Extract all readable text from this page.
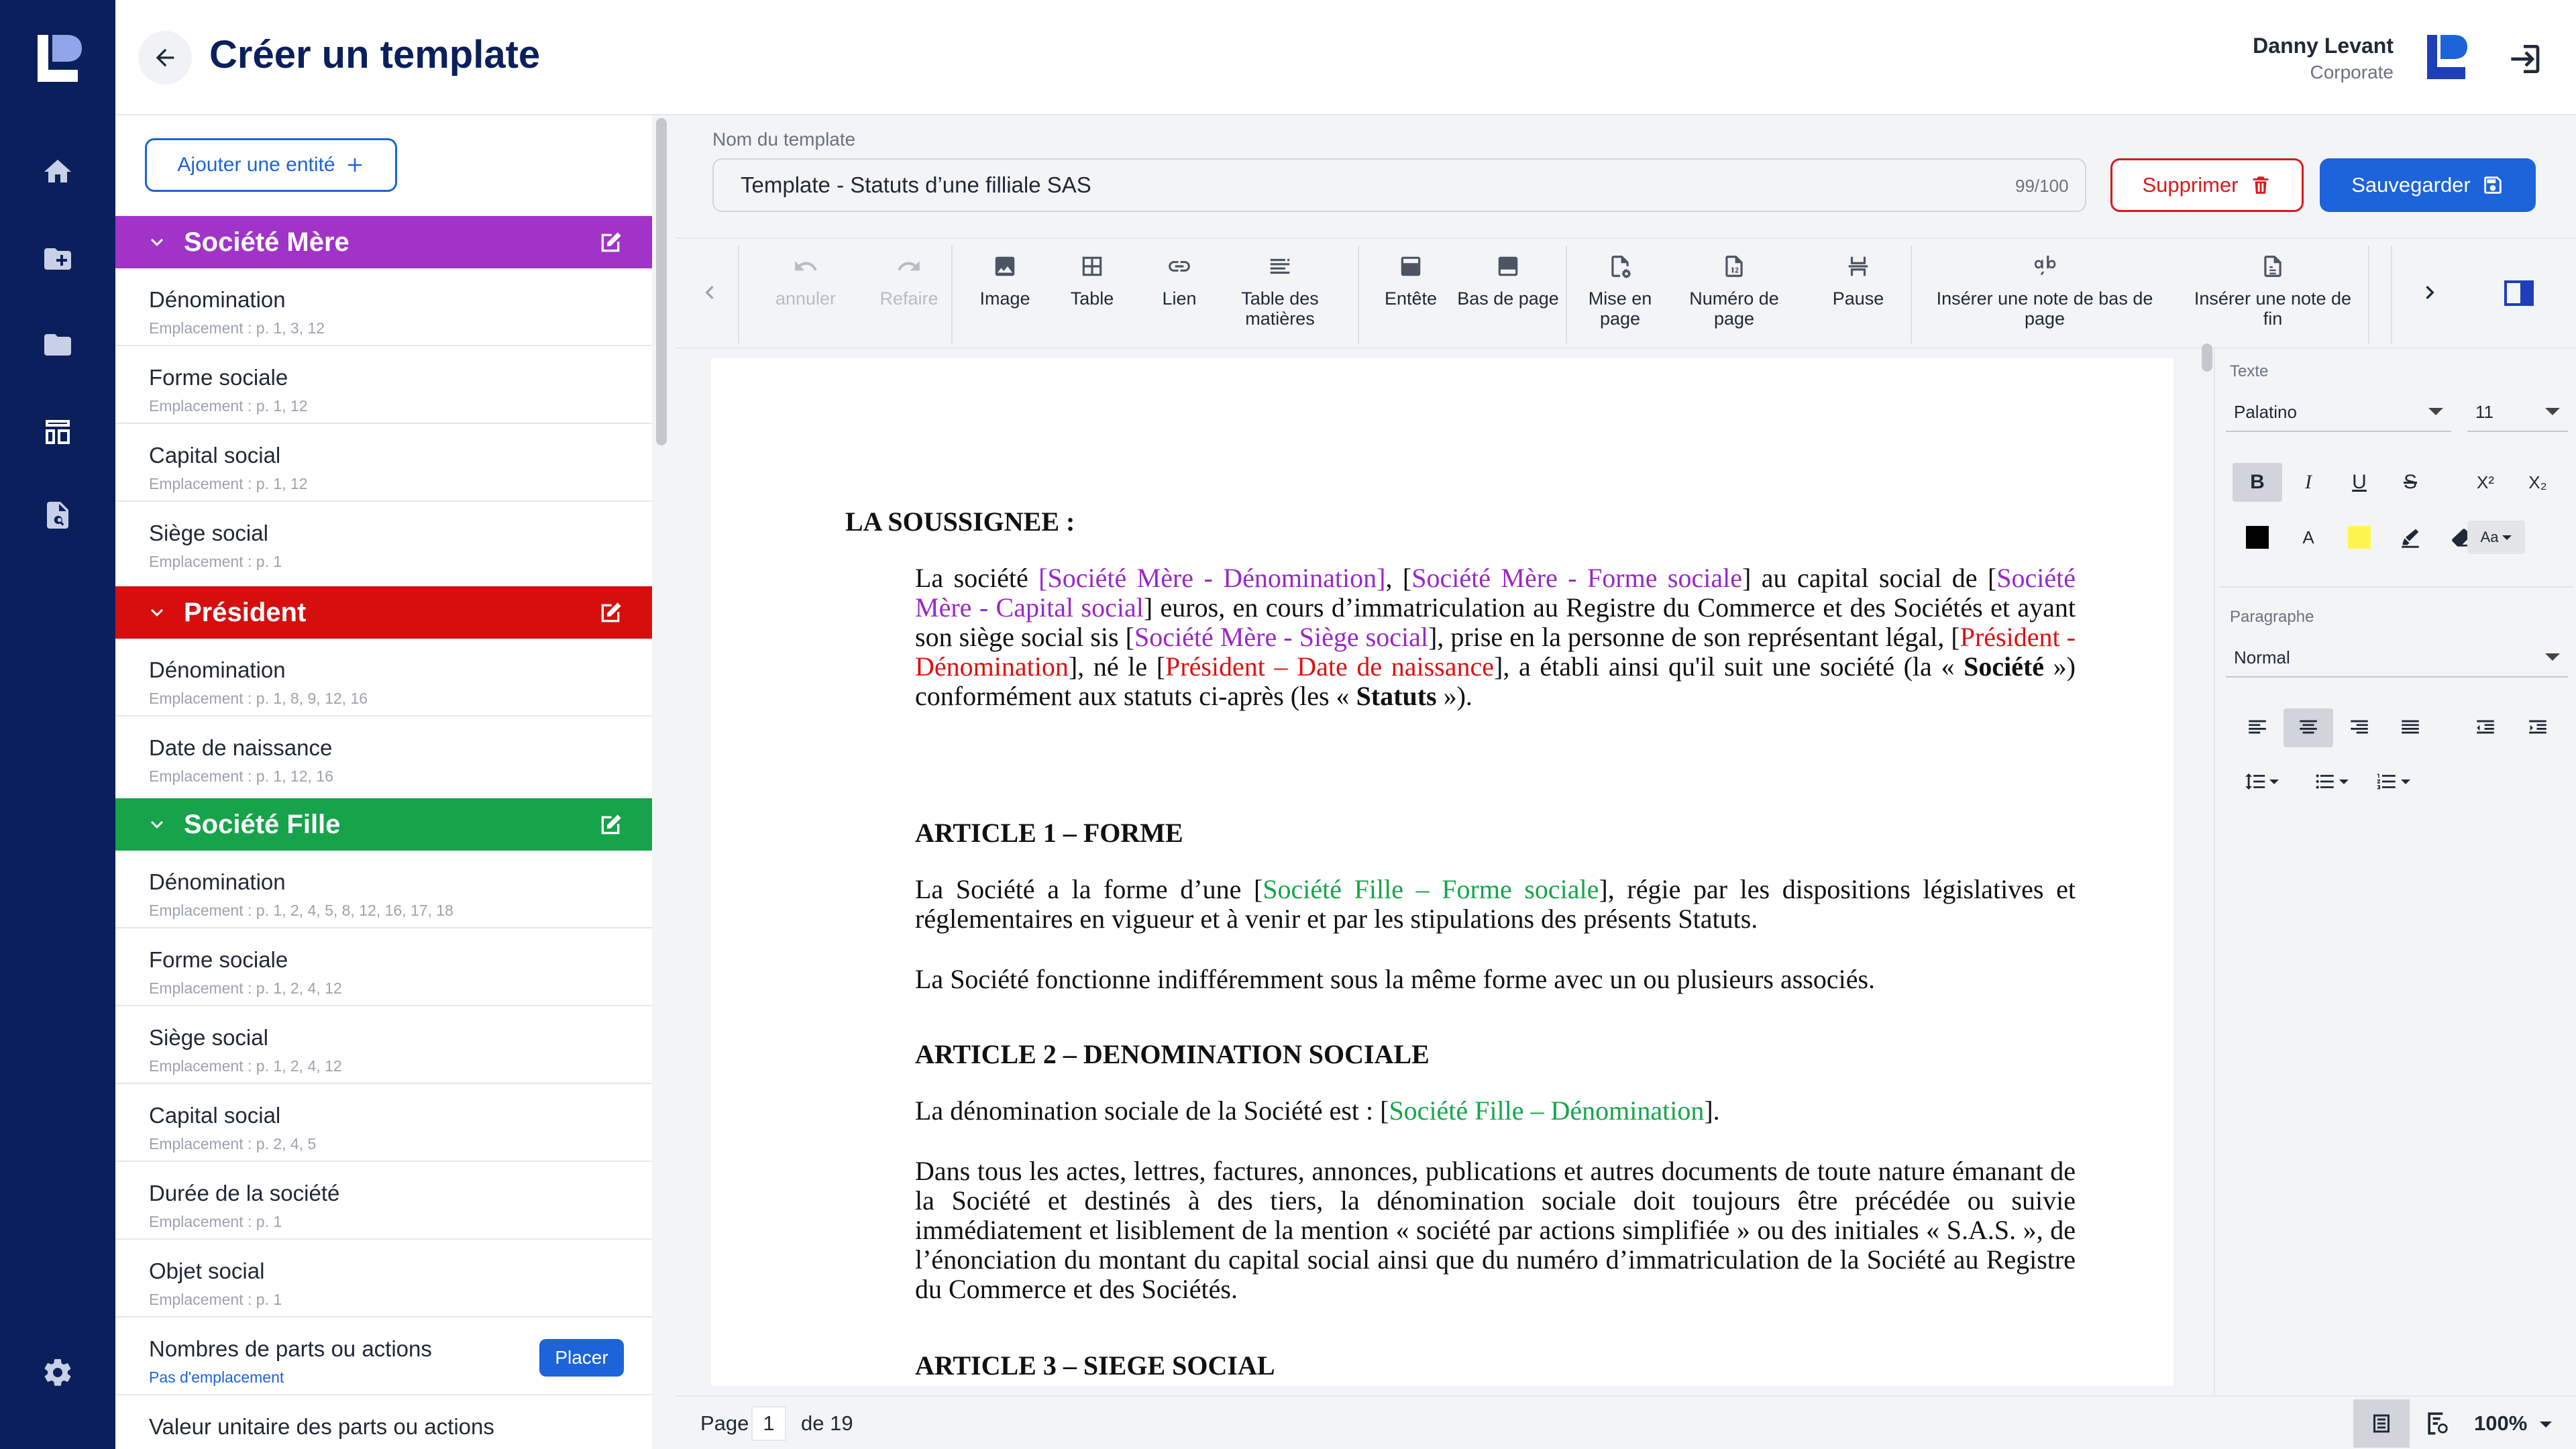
Créer un template	Danny Levant
Corporate
Ajouter une entité
Société Mère
Dénomination
Emplacement : p. 1, 3, 12
Forme sociale
Emplacement : p. 1, 12
Capital social
Emplacement : p. 1, 12
Siège social
Emplacement : p. 1
Président
Dénomination
Emplacement : p. 1, 8, 9, 12, 16
Date de naissance
Emplacement : p. 1, 12, 16
Société Fille
Dénomination
Emplacement : p. 1, 2, 4, 5, 8, 12, 16, 17, 18
Forme sociale
Emplacement : p. 1, 2, 4, 12
Siège social
Emplacement : p. 1, 2, 4, 12
Capital social
Emplacement : p. 2, 4, 5
Durée de la société
Emplacement : p. 1
Objet social
Emplacement : p. 1
Nombres de parts ou actions
Pas d'emplacement
Placer
Valeur unitaire des parts ou actions
Nom du template
Template - Statuts d’une filliale SAS	99/100	Supprimer	Sauvegarder
annuler Refaire Image Table	Lien Table des
matières
Entête Bas de page Mise en
page
Numéro de
page
Pause	Insérer une note de bas de
page
Insérer une note de
fin
LA SOUSSIGNEE :
La société [Société Mère - Dénomination], [Société Mère - Forme sociale] au capital social de [Société Mère - Capital social] euros, en cours d’immatriculation au Registre du Commerce et des Sociétés et ayant son siège social sis [Société Mère - Siège social], prise en la personne de son représentant légal, [Président - Dénomination], né le [Président – Date de naissance], a établi ainsi qu'il suit une société (la « Société ») conformément aux statuts ci-après (les « Statuts »).
ARTICLE 1 – FORME
La Société a la forme d’une [Société Fille – Forme sociale], régie par les dispositions législatives et réglementaires en vigueur et à venir et par les stipulations des présents Statuts.
La Société fonctionne indifféremment sous la même forme avec un ou plusieurs associés.
ARTICLE 2 – DENOMINATION SOCIALE
La dénomination sociale de la Société est : [Société Fille – Dénomination].
Dans tous les actes, lettres, factures, annonces, publications et autres documents de toute nature émanant de la Société et destinés à des tiers, la dénomination sociale doit toujours être précédée ou suivie immédiatement et lisiblement de la mention « société par actions simplifiée » ou des initiales « S.A.S. », de l’énonciation du montant du capital social ainsi que du numéro d’immatriculation de la Société au Registre du Commerce et des Sociétés.
ARTICLE 3 – SIEGE SOCIAL
Page 1	de 19	100%
Texte
Palatino	11
B I U S	X²	X₂
A	Aa
Paragraphe
Normal
